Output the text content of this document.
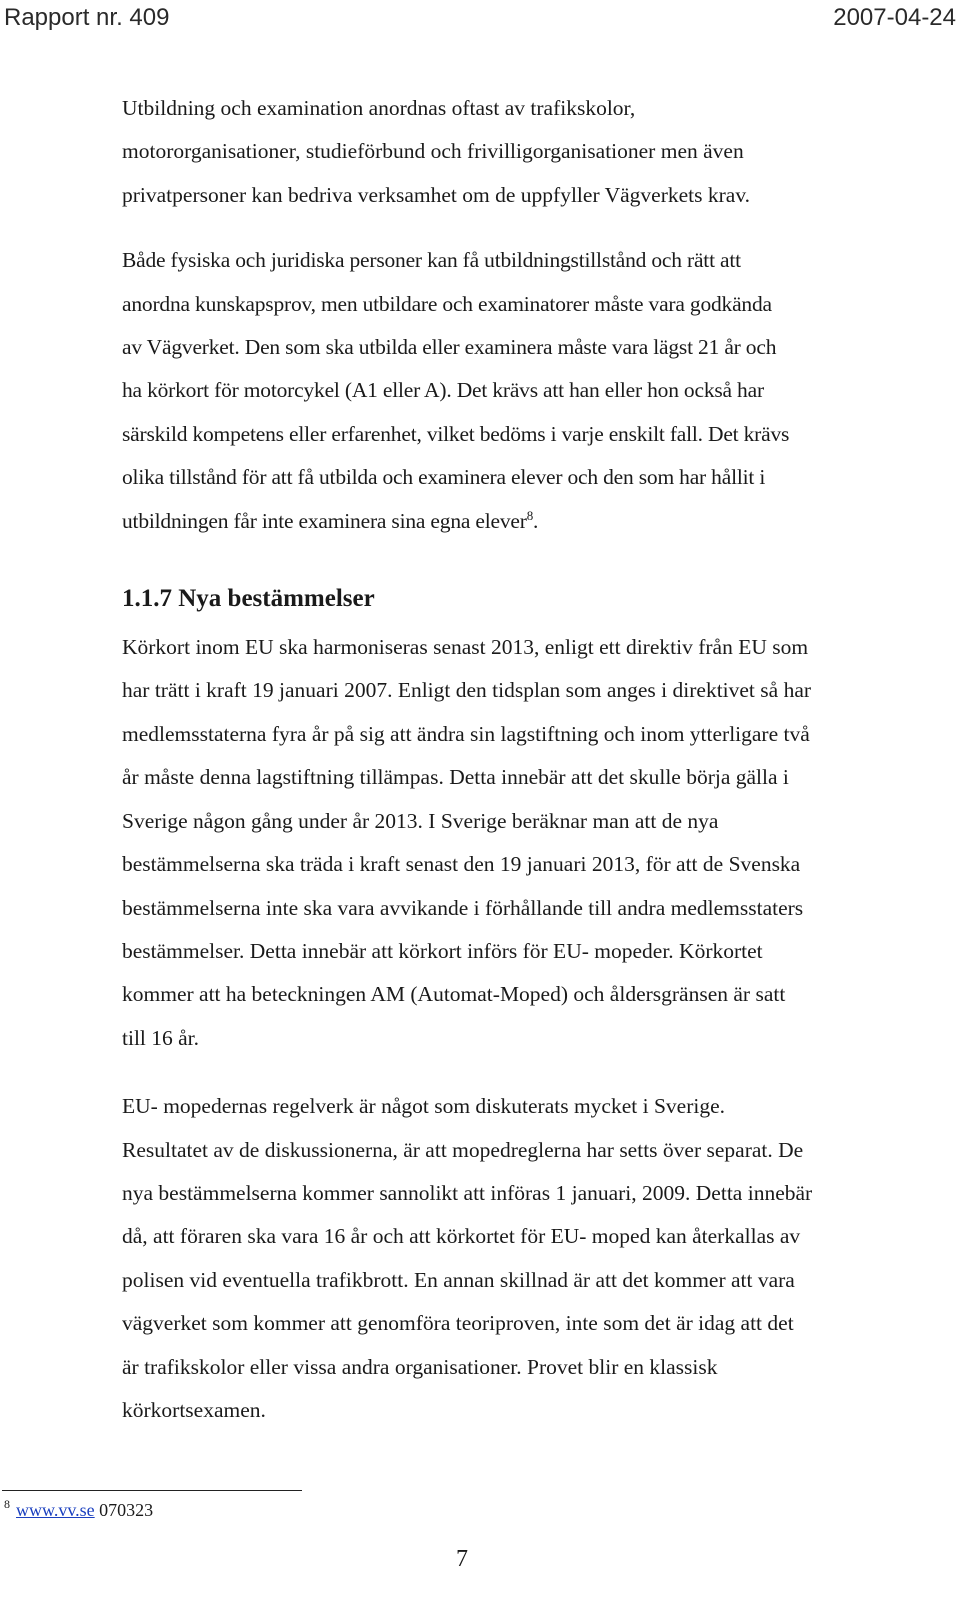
Rapport nr. 409	2007-04-24

Utbildning och examination anordnas oftast av trafikskolor,
motororganisationer, studieförbund och frivilligorganisationer men även
privatpersoner kan bedriva verksamhet om de uppfyller Vägverkets krav.

Både fysiska och juridiska personer kan få utbildningstillstånd och rätt att
anordna kunskapsprov, men utbildare och examinatorer måste vara godkända
av Vägverket. Den som ska utbilda eller examinera måste vara lägst 21 år och
ha körkort för motorcykel (A1 eller A). Det krävs att han eller hon också har
särskild kompetens eller erfarenhet, vilket bedöms i varje enskilt fall. Det krävs
olika tillstånd för att få utbilda och examinera elever och den som har hållit i
utbildningen får inte examinera sina egna elever$^8$.

1.1.7 Nya bestämmelser

Körkort inom EU ska harmoniseras senast 2013, enligt ett direktiv från EU som
har trätt i kraft 19 januari 2007. Enligt den tidsplan som anges i direktivet så har
medlemsstaterna fyra år på sig att ändra sin lagstiftning och inom ytterligare två
år måste denna lagstiftning tillämpas. Detta innebär att det skulle börja gälla i
Sverige någon gång under år 2013. I Sverige beräknar man att de nya
bestämmelserna ska träda i kraft senast den 19 januari 2013, för att de Svenska
bestämmelserna inte ska vara avvikande i förhållande till andra medlemsstaters
bestämmelser. Detta innebär att körkort införs för EU- mopeder. Körkortet
kommer att ha beteckningen AM (Automat-Moped) och åldersgränsen är satt
till 16 år.

EU- mopedernas regelverk är något som diskuterats mycket i Sverige.
Resultatet av de diskussionerna, är att mopedreglerna har setts över separat. De
nya bestämmelserna kommer sannolikt att införas 1 januari, 2009. Detta innebär
då, att föraren ska vara 16 år och att körkortet för EU- moped kan återkallas av
polisen vid eventuella trafikbrott. En annan skillnad är att det kommer att vara
vägverket som kommer att genomföra teoriproven, inte som det är idag att det
är trafikskolor eller vissa andra organisationer. Provet blir en klassisk
körkortsexamen.

$^8$ www.vv.se 070323
7
